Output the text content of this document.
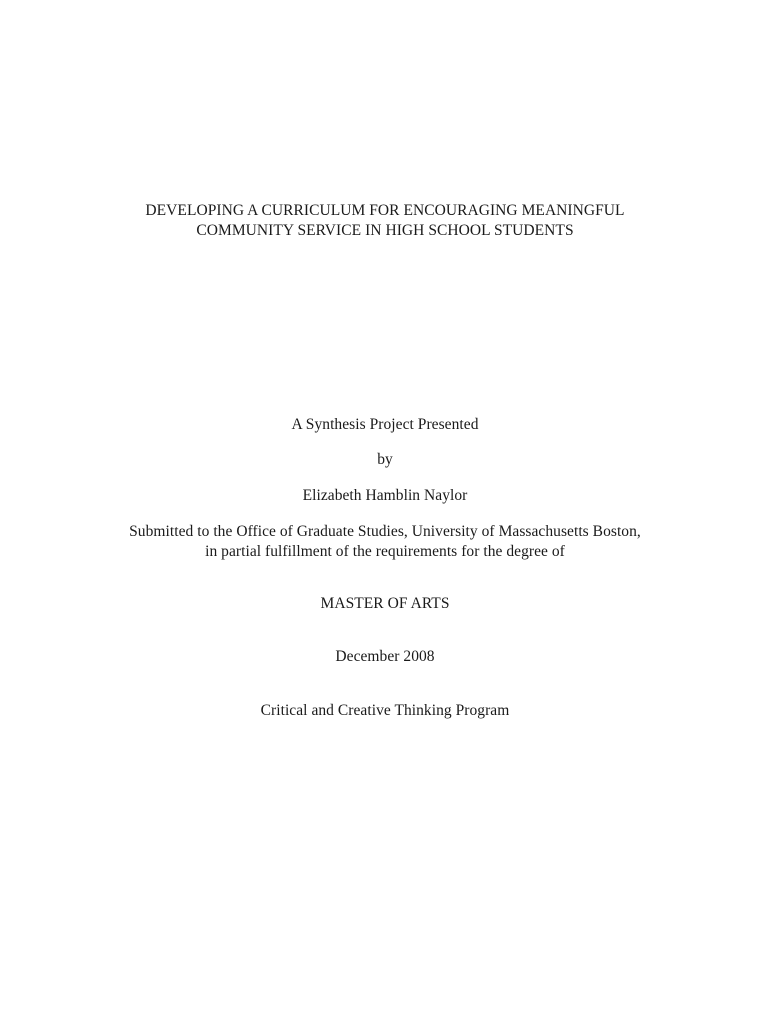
DEVELOPING A CURRICULUM FOR ENCOURAGING MEANINGFUL
COMMUNITY SERVICE IN HIGH SCHOOL STUDENTS
A Synthesis Project Presented
by
Elizabeth Hamblin Naylor
Submitted to the Office of Graduate Studies, University of Massachusetts Boston,
in partial fulfillment of the requirements for the degree of
MASTER OF ARTS
December 2008
Critical and Creative Thinking Program
